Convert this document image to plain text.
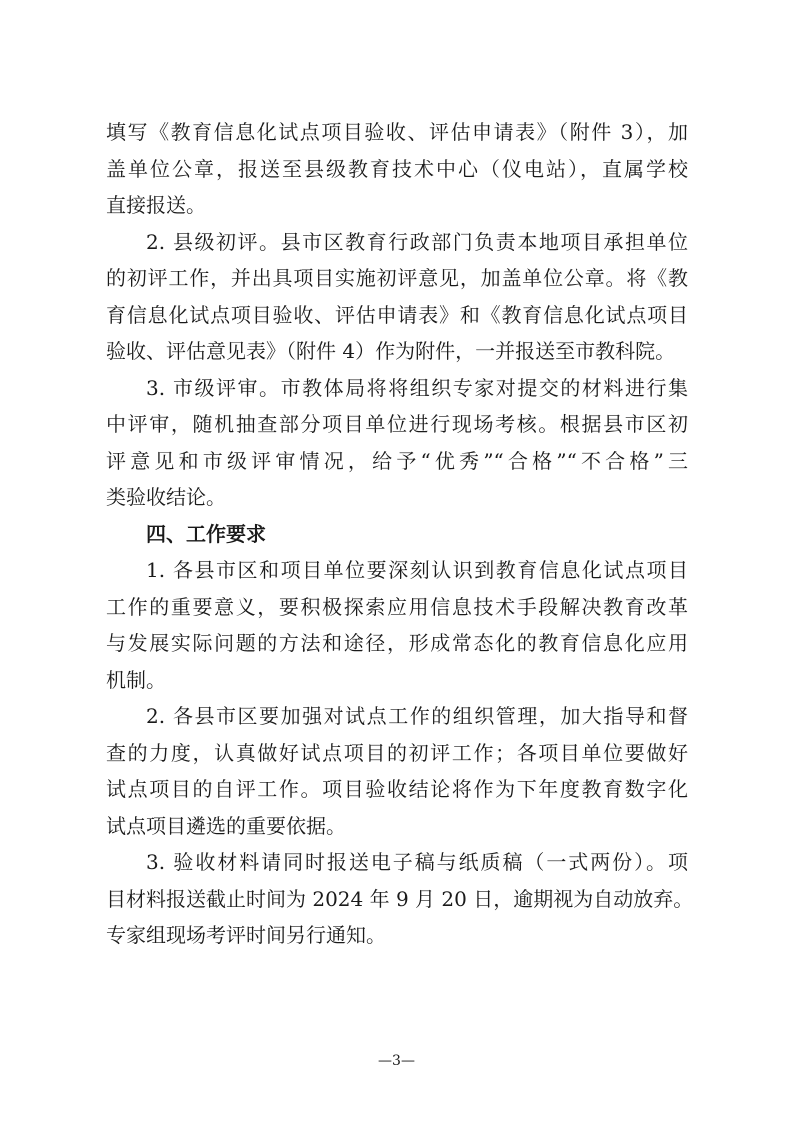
填写《教育信息化试点项目验收、评估申请表》（附件 3），加
盖单位公章，报送至县级教育技术中心（仪电站），直属学校
直接报送。
2. 县级初评。县市区教育行政部门负责本地项目承担单位
的初评工作，并出具项目实施初评意见，加盖单位公章。将《教
育信息化试点项目验收、评估申请表》和《教育信息化试点项目
验收、评估意见表》（附件 4）作为附件，一并报送至市教科院。
3. 市级评审。市教体局将将组织专家对提交的材料进行集
中评审，随机抽查部分项目单位进行现场考核。根据县市区初
评意见和市级评审情况，给予“优秀”“合格”“不合格”三
类验收结论。
四、工作要求
1. 各县市区和项目单位要深刻认识到教育信息化试点项目
工作的重要意义，要积极探索应用信息技术手段解决教育改革
与发展实际问题的方法和途径，形成常态化的教育信息化应用
机制。
2. 各县市区要加强对试点工作的组织管理，加大指导和督
查的力度，认真做好试点项目的初评工作；各项目单位要做好
试点项目的自评工作。项目验收结论将作为下年度教育数字化
试点项目遴选的重要依据。
3. 验收材料请同时报送电子稿与纸质稿（一式两份）。项
目材料报送截止时间为 2024 年 9 月 20 日，逾期视为自动放弃。
专家组现场考评时间另行通知。
—3—
